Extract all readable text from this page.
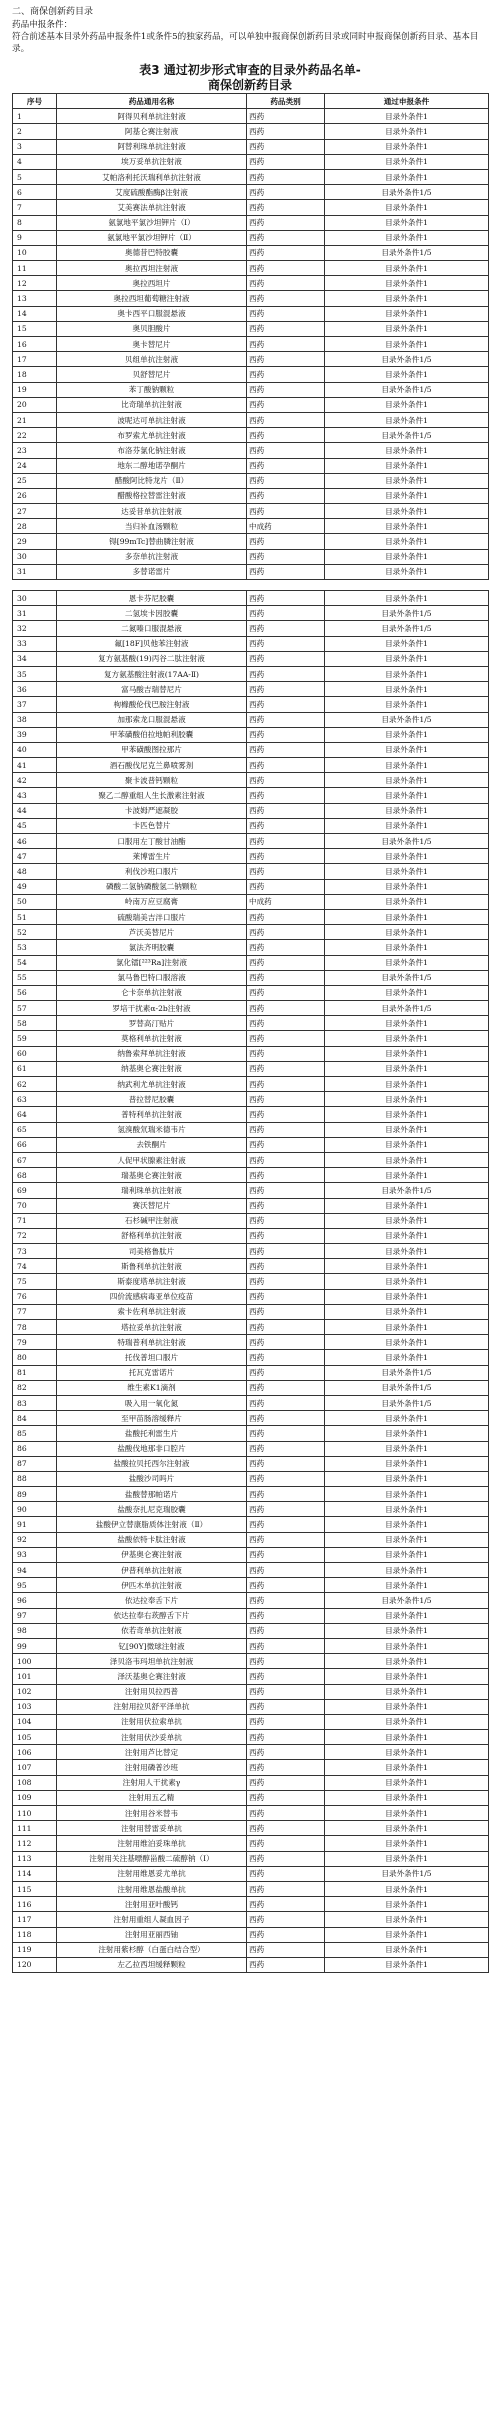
二、商保创新药目录
药品申报条件：
符合前述基本目录外药品申报条件1或条件5的独家药品，可以单独申报商保创新药目录或同时申报商保创新药目录、基本目录。
表3 通过初步形式审查的目录外药品名单-
商保创新药目录
序号	药品通用名称	药品类别	通过申报条件
1	阿得贝利单抗注射液	西药	目录外条件1
2	阿基仑赛注射液	西药	目录外条件1
3	阿替利珠单抗注射液	西药	目录外条件1
4	埃万妥单抗注射液	西药	目录外条件1
5	艾帕洛利托沃瑞利单抗注射液	西药	目录外条件1
6	艾度硫酸酯酶β注射液	西药	目录外条件1/5
7	艾美赛法单抗注射液	西药	目录外条件1
8	氨氯地平氯沙坦钾片（Ⅰ）	西药	目录外条件1
9	氨氯地平氯沙坦钾片（Ⅱ）	西药	目录外条件1
10	奥德昔巴特胶囊	西药	目录外条件1/5
11	奥拉西坦注射液	西药	目录外条件1
12	奥拉西坦片	西药	目录外条件1
13	奥拉西坦葡萄糖注射液	西药	目录外条件1
14	奥卡西平口服混悬液	西药	目录外条件1
15	奥贝胆酸片	西药	目录外条件1
16	奥卡替尼片	西药	目录外条件1
17	贝组单抗注射液	西药	目录外条件1/5
18	贝舒替尼片	西药	目录外条件1
19	苯丁酸钠颗粒	西药	目录外条件1/5
20	比奇瑞单抗注射液	西药	目录外条件1
21	波呢达可单抗注射液	西药	目录外条件1
22	布罗索尤单抗注射液	西药	目录外条件1/5
23	布洛芬氯化钠注射液	西药	目录外条件1
24	地东二醇地诺孕酮片	西药	目录外条件1
25	醋酸阿比特龙片（Ⅱ）	西药	目录外条件1
26	醋酸格拉替雷注射液	西药	目录外条件1
27	达妥昔单抗注射液	西药	目录外条件1
28	当归补血汤颗粒	中成药	目录外条件1
29	锝[99mTc]替曲膦注射液	西药	目录外条件1
30	多奈单抗注射液	西药	目录外条件1
31	多替诺雷片	西药	目录外条件1
30	恩卡芬尼胶囊	西药	目录外条件1
31	二氢埃卡因胶囊	西药	目录外条件1/5
32	二氮嗪口服混悬液	西药	目录外条件1/5
33	氟[18F]贝他苯注射液	西药	目录外条件1
34	复方氨基酸(19)丙谷二肽注射液	西药	目录外条件1
35	复方氨基酸注射液(17AA-Ⅱ)	西药	目录外条件1
36	富马酸吉瑞替尼片	西药	目录外条件1
37	枸橼酸伦伐巴胺注射液	西药	目录外条件1
38	加那索龙口服混悬液	西药	目录外条件1/5
39	甲苯磺酸伯拉地帕利胶囊	西药	目录外条件1
40	甲苯磺酸图拉那片	西药	目录外条件1
41	酒石酸伐尼克兰鼻喷雾剂	西药	目录外条件1
42	聚卡波普钙颗粒	西药	目录外条件1
43	聚乙二醇重组人生长激素注射液	西药	目录外条件1
44	卡波姆严遮凝胶	西药	目录外条件1
45	卡匹色替片	西药	目录外条件1
46	口服用左丁酸甘油酯	西药	目录外条件1/5
47	莱博雷生片	西药	目录外条件1
48	利伐沙班口服片	西药	目录外条件1
49	磷酸二氢钠磷酸氢二钠颗粒	西药	目录外条件1
50	岭南万应豆腐膏	中成药	目录外条件1
51	硫酸瑞美吉泮口服片	西药	目录外条件1
52	芦沃美替尼片	西药	目录外条件1
53	氯法齐明胶囊	西药	目录外条件1
54	氯化镭[²²³Ra]注射液	西药	目录外条件1
55	氯马鲁巴特口服溶液	西药	目录外条件1/5
56	仑卡奈单抗注射液	西药	目录外条件1
57	罗培干扰素α-2b注射液	西药	目录外条件1/5
58	罗替高汀贴片	西药	目录外条件1
59	莫格利单抗注射液	西药	目录外条件1
60	纳鲁索拜单抗注射液	西药	目录外条件1
61	纳基奥仑赛注射液	西药	目录外条件1
62	纳武利尤单抗注射液	西药	目录外条件1
63	普拉替尼胶囊	西药	目录外条件1
64	普特利单抗注射液	西药	目录外条件1
65	氢溴酸氘瑞米德韦片	西药	目录外条件1
66	去铁酮片	西药	目录外条件1
67	人促甲状腺素注射液	西药	目录外条件1
68	瑞基奥仑赛注射液	西药	目录外条件1
69	瑞利珠单抗注射液	西药	目录外条件1/5
70	赛沃替尼片	西药	目录外条件1
71	石杉碱甲注射液	西药	目录外条件1
72	舒格利单抗注射液	西药	目录外条件1
73	司美格鲁肽片	西药	目录外条件1
74	斯鲁利单抗注射液	西药	目录外条件1
75	斯泰度塔单抗注射液	西药	目录外条件1
76	四价流感病毒亚单位疫苗	西药	目录外条件1
77	索卡佐利单抗注射液	西药	目录外条件1
78	塔拉妥单抗注射液	西药	目录外条件1
79	特瑞普利单抗注射液	西药	目录外条件1
80	托伐普坦口服片	西药	目录外条件1
81	托瓦克雷诺片	西药	目录外条件1/5
82	维生素K1滴剂	西药	目录外条件1/5
83	吸入用一氧化氮	西药	目录外条件1/5
84	至甲苗肠溶缓释片	西药	目录外条件1
85	盐酸托利雷生片	西药	目录外条件1
86	盐酸伐地那非口腔片	西药	目录外条件1
87	盐酸拉贝托西尔注射液	西药	目录外条件1
88	盐酸沙司吗片	西药	目录外条件1
89	盐酸替那帕诺片	西药	目录外条件1
90	盐酸奈扎尼克瑞胶囊	西药	目录外条件1
91	盐酸伊立替康脂质体注射液（Ⅱ）	西药	目录外条件1
92	盐酸依特卡肽注射液	西药	目录外条件1
93	伊基奥仑赛注射液	西药	目录外条件1
94	伊普利单抗注射液	西药	目录外条件1
95	伊匹木单抗注射液	西药	目录外条件1
96	依达拉奉舌下片	西药	目录外条件1/5
97	依达拉奉右莰醇舌下片	西药	目录外条件1
98	依若奇单抗注射液	西药	目录外条件1
99	钇[90Y]微球注射液	西药	目录外条件1
100	泽贝洛韦玛坦单抗注射液	西药	目录外条件1
101	泽沃基奥仑赛注射液	西药	目录外条件1
102	注射用贝拉西普	西药	目录外条件1
103	注射用拉贝舒平泽单抗	西药	目录外条件1
104	注射用伏拉索单抗	西药	目录外条件1
105	注射用伏沙妥单抗	西药	目录外条件1
106	注射用芦比替定	西药	目录外条件1
107	注射用磷普沙班	西药	目录外条件1
108	注射用人干扰素γ	西药	目录外条件1
109	注射用五乙精	西药	目录外条件1
110	注射用谷米替韦	西药	目录外条件1
111	注射用替雷妥单抗	西药	目录外条件1
112	注射用维泊妥珠单抗	西药	目录外条件1
113	注射用关注基嘌醇甾酸二硫醇钠（Ⅰ）	西药	目录外条件1
114	注射用维恩妥尤单抗	西药	目录外条件1/5
115	注射用维恩盐酸单抗	西药	目录外条件1
116	注射用亚叶酸钙	西药	目录外条件1
117	注射用重组人凝血因子	西药	目录外条件1
118	注射用亚丽西铀	西药	目录外条件1
119	注射用紫杉醇（白蛋白结合型）	西药	目录外条件1
120	左乙拉西坦缓释颗粒	西药	目录外条件1
